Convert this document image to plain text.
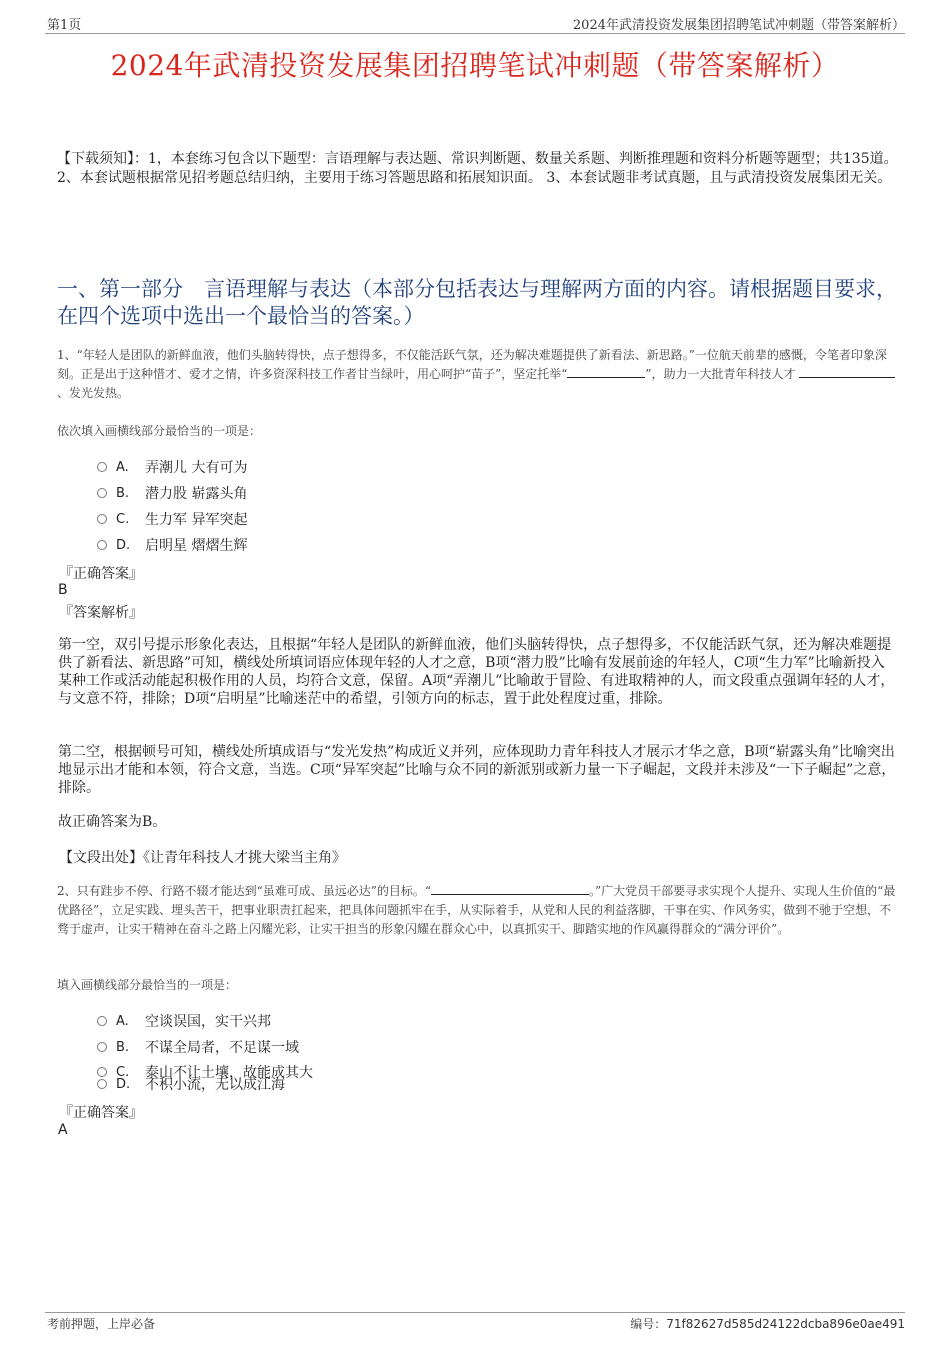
第1页	2024年武清投资发展集团招聘笔试冲刺题（带答案解析）
2024年武清投资发展集团招聘笔试冲刺题（带答案解析）
【下载须知】：1，本套练习包含以下题型：言语理解与表达题、常识判断题、数量关系题、判断推理题和资料分析题等题型；共135道。 2、本套试题根据常见招考题总结归纳，主要用于练习答题思路和拓展知识面。 3、本套试题非考试真题，且与武清投资发展集团无关。
一、第一部分　言语理解与表达（本部分包括表达与理解两方面的内容。请根据题目要求，在四个选项中选出一个最恰当的答案。）
1、“年轻人是团队的新鲜血液，他们头脑转得快，点子想得多，不仅能活跃气氛，还为解决难题提供了新看法、新思路。”一位航天前辈的感慨，令笔者印象深刻。正是出于这种惜才、爱才之情，许多资深科技工作者甘当绿叶，用心呵护“苗子”，坚定托举“	”，助力一大批青年科技人才 、发光发热。
依次填入画横线部分最恰当的一项是：
A.	弄潮儿 大有可为
B.	潜力股 崭露头角
C.	生力军 异军突起
D.	启明星 熠熠生辉
『正确答案』
B
『答案解析』
第一空，双引号提示形象化表达，且根据“年轻人是团队的新鲜血液，他们头脑转得快，点子想得多，不仅能活跃气氛，还为解决难题提供了新看法、新思路”可知，横线处所填词语应体现年轻的人才之意，B项“潜力股”比喻有发展前途的年轻人，C项“生力军”比喻新投入某种工作或活动能起积极作用的人员，均符合文意，保留。A项“弄潮儿”比喻敢于冒险、有进取精神的人，而文段重点强调年轻的人才，与文意不符，排除；D项“启明星”比喻迷茫中的希望，引领方向的标志，置于此处程度过重，排除。
第二空，根据顿号可知，横线处所填成语与“发光发热”构成近义并列，应体现助力青年科技人才展示才华之意，B项“崭露头角”比喻突出地显示出才能和本领，符合文意，当选。C项“异军突起”比喻与众不同的新派别或新力量一下子崛起，文段并未涉及“一下子崛起”之意，排除。
故正确答案为B。
【文段出处】《让青年科技人才挑大梁当主角》
2、只有跬步不停、行路不辍才能达到“虽难可成、虽远必达”的目标。“	。”广大党员干部要寻求实现个人提升、实现人生价值的“最优路径”，立足实践、埋头苦干，把事业职责扛起来，把具体问题抓牢在手，从实际着手，从党和人民的利益落脚，干事在实、作风务实，做到不驰于空想，不骛于虚声，让实干精神在奋斗之路上闪耀光彩，让实干担当的形象闪耀在群众心中，以真抓实干、脚踏实地的作风赢得群众的“满分评价”。
填入画横线部分最恰当的一项是：
A.	空谈误国，实干兴邦
B.	不谋全局者，不足谋一域
C.	泰山不让土壤，故能成其大
D.	不积小流，无以成江海
『正确答案』
A
考前押题，上岸必备	编号：71f82627d585d24122dcba896e0ae491
